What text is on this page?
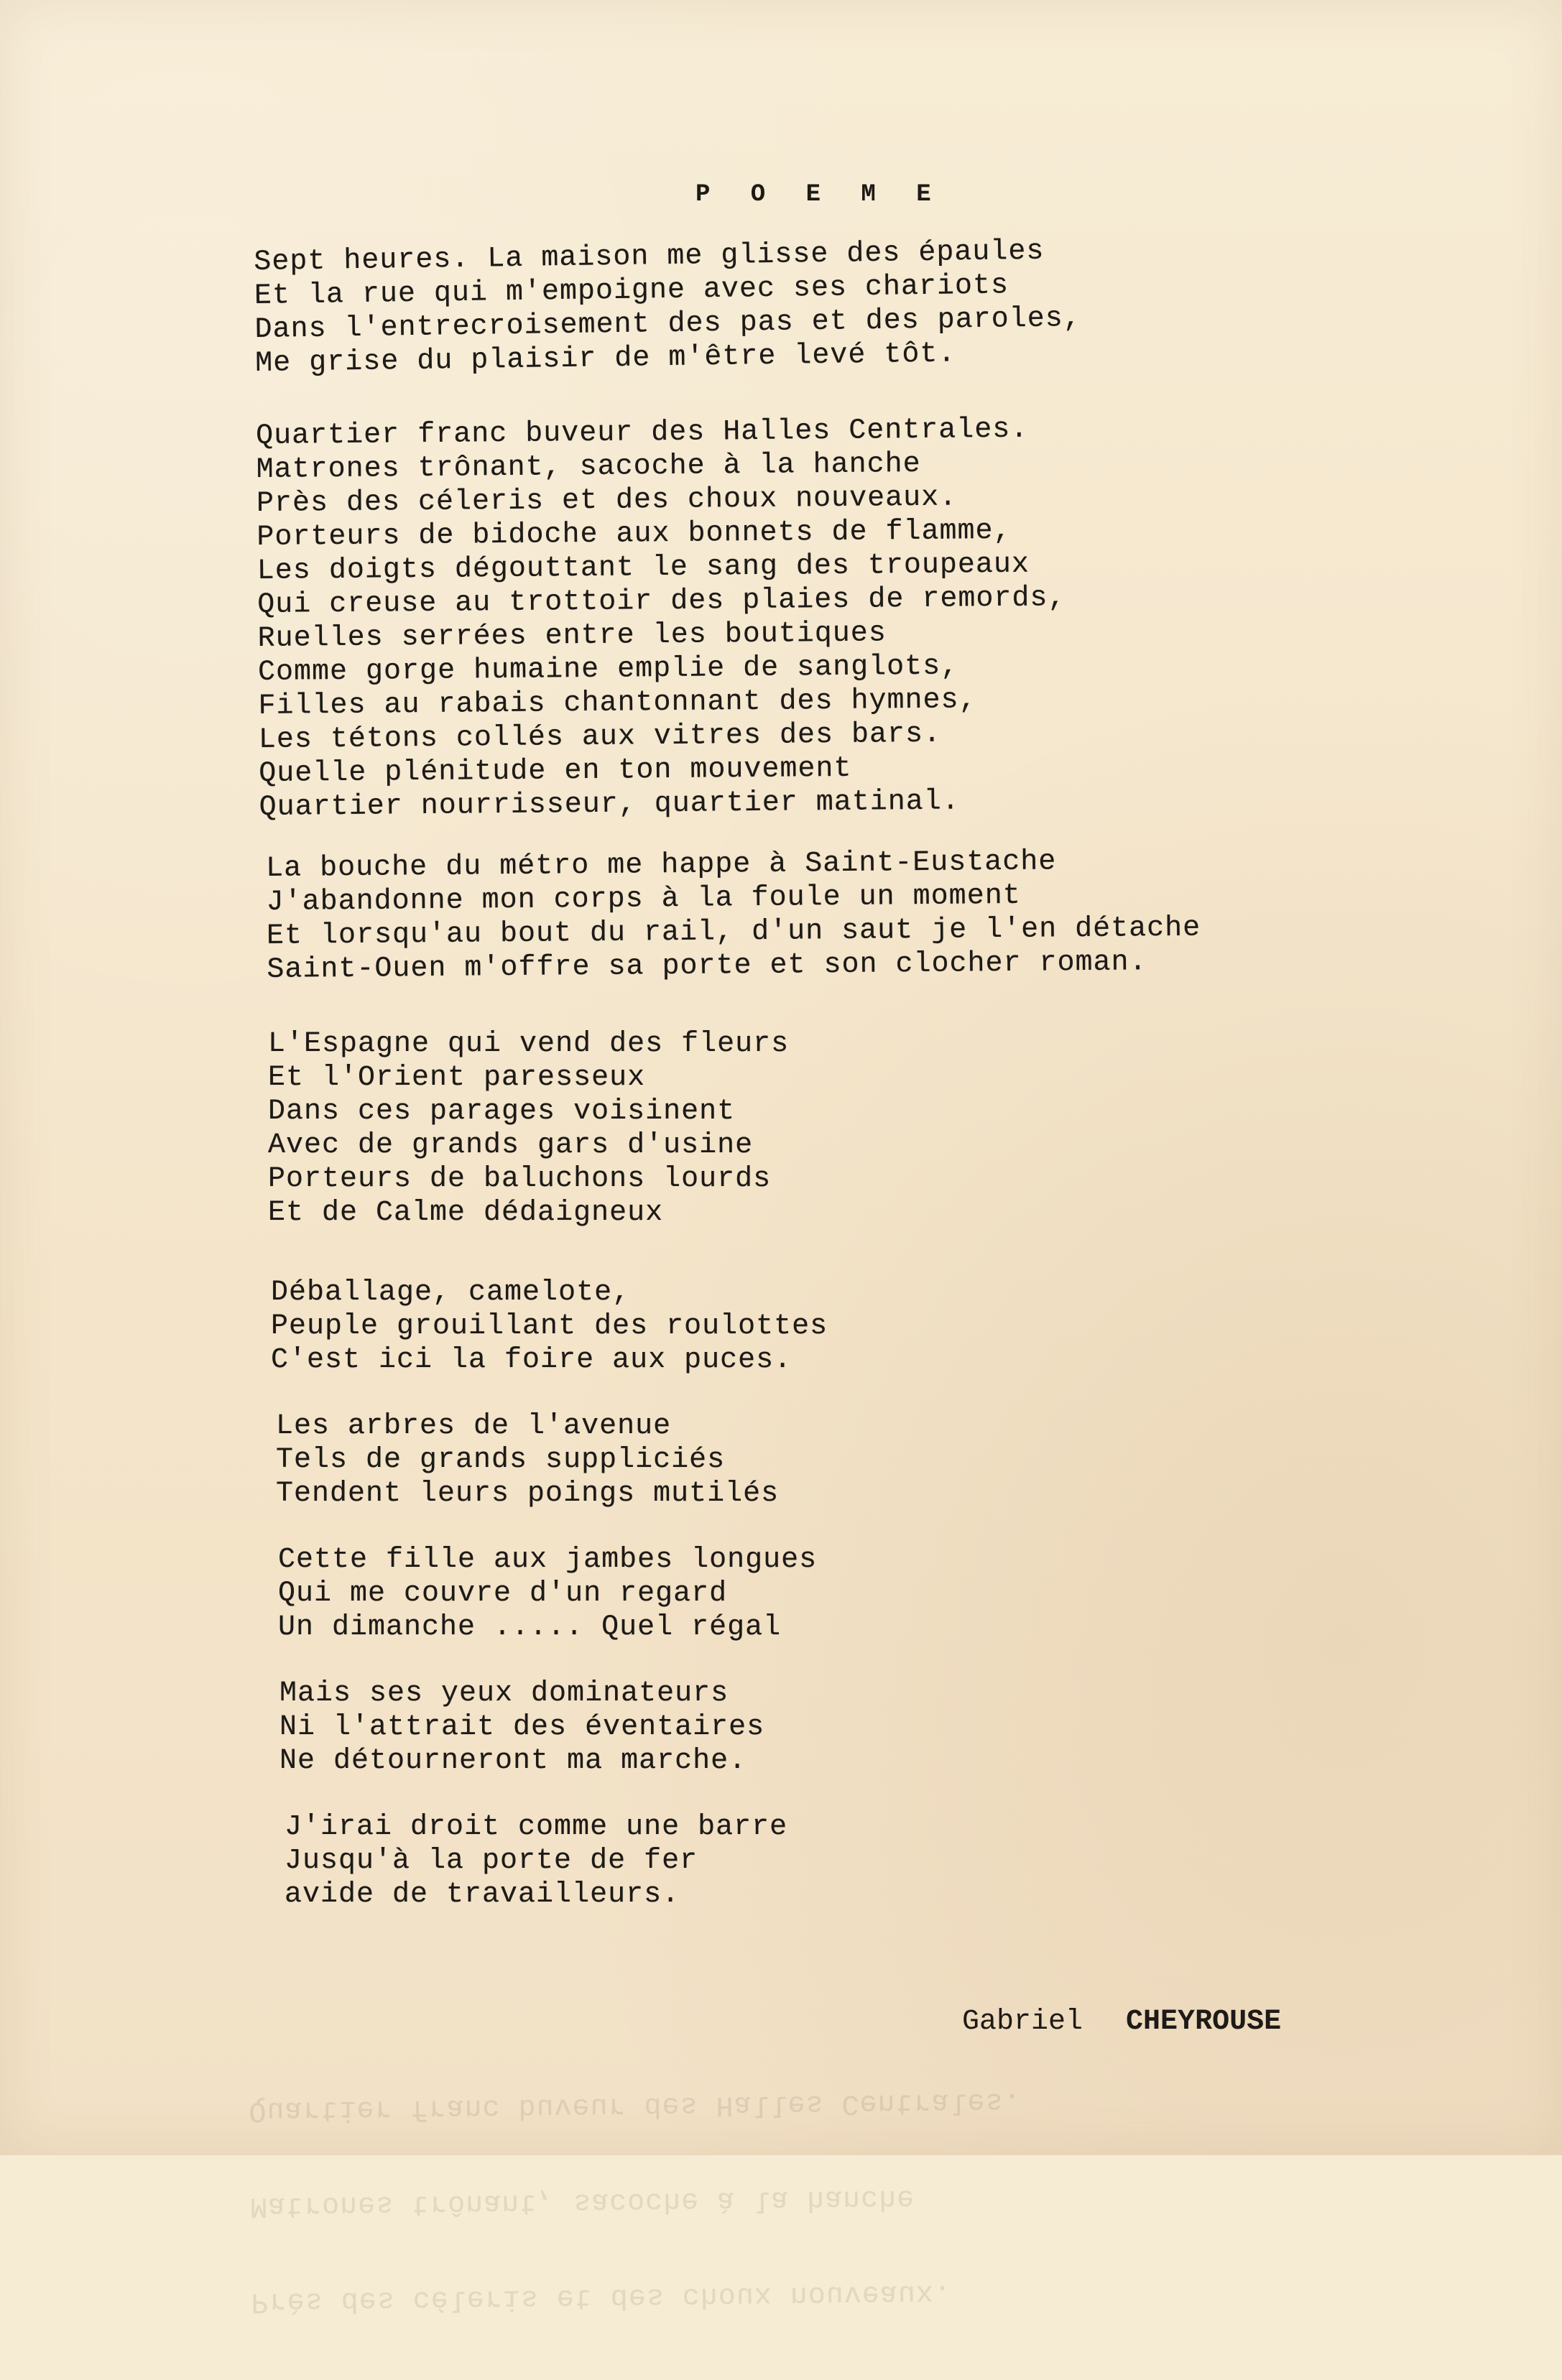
P O E M E
Sept heures. La maison me glisse des épaules
Et la rue qui m'empoigne avec ses chariots
Dans l'entrecroisement des pas et des paroles,
Me grise du plaisir de m'être levé tôt.
Quartier franc buveur des Halles Centrales.
Matrones trônant, sacoche à la hanche
Près des céleris et des choux nouveaux.
Porteurs de bidoche aux bonnets de flamme,
Les doigts dégouttant le sang des troupeaux
Qui creuse au trottoir des plaies de remords,
Ruelles serrées entre les boutiques
Comme gorge humaine emplie de sanglots,
Filles au rabais chantonnant des hymnes,
Les tétons collés aux vitres des bars.
Quelle plénitude en ton mouvement
Quartier nourrisseur, quartier matinal.
La bouche du métro me happe à Saint-Eustache
J'abandonne mon corps à la foule un moment
Et lorsqu'au bout du rail, d'un saut je l'en détache
Saint-Ouen m'offre sa porte et son clocher roman.
L'Espagne qui vend des fleurs
Et l'Orient paresseux
Dans ces parages voisinent
Avec de grands gars d'usine
Porteurs de baluchons lourds
Et de Calme dédaigneux
Déballage, camelote,
Peuple grouillant des roulottes
C'est ici la foire aux puces.
Les arbres de l'avenue
Tels de grands suppliciés
Tendent leurs poings mutilés
Cette fille aux jambes longues
Qui me couvre d'un regard
Un dimanche ..... Quel régal
Mais ses yeux dominateurs
Ni l'attrait des éventaires
Ne détourneront ma marche.
J'irai droit comme une barre
Jusqu'à la porte de fer
avide de travailleurs.

Gabriel CHEYROUSE

Près des céleris et des choux nouveaux.

Matrones trônant, sacoche à la hanche

Quartier franc buveur des Halles Centrales.
